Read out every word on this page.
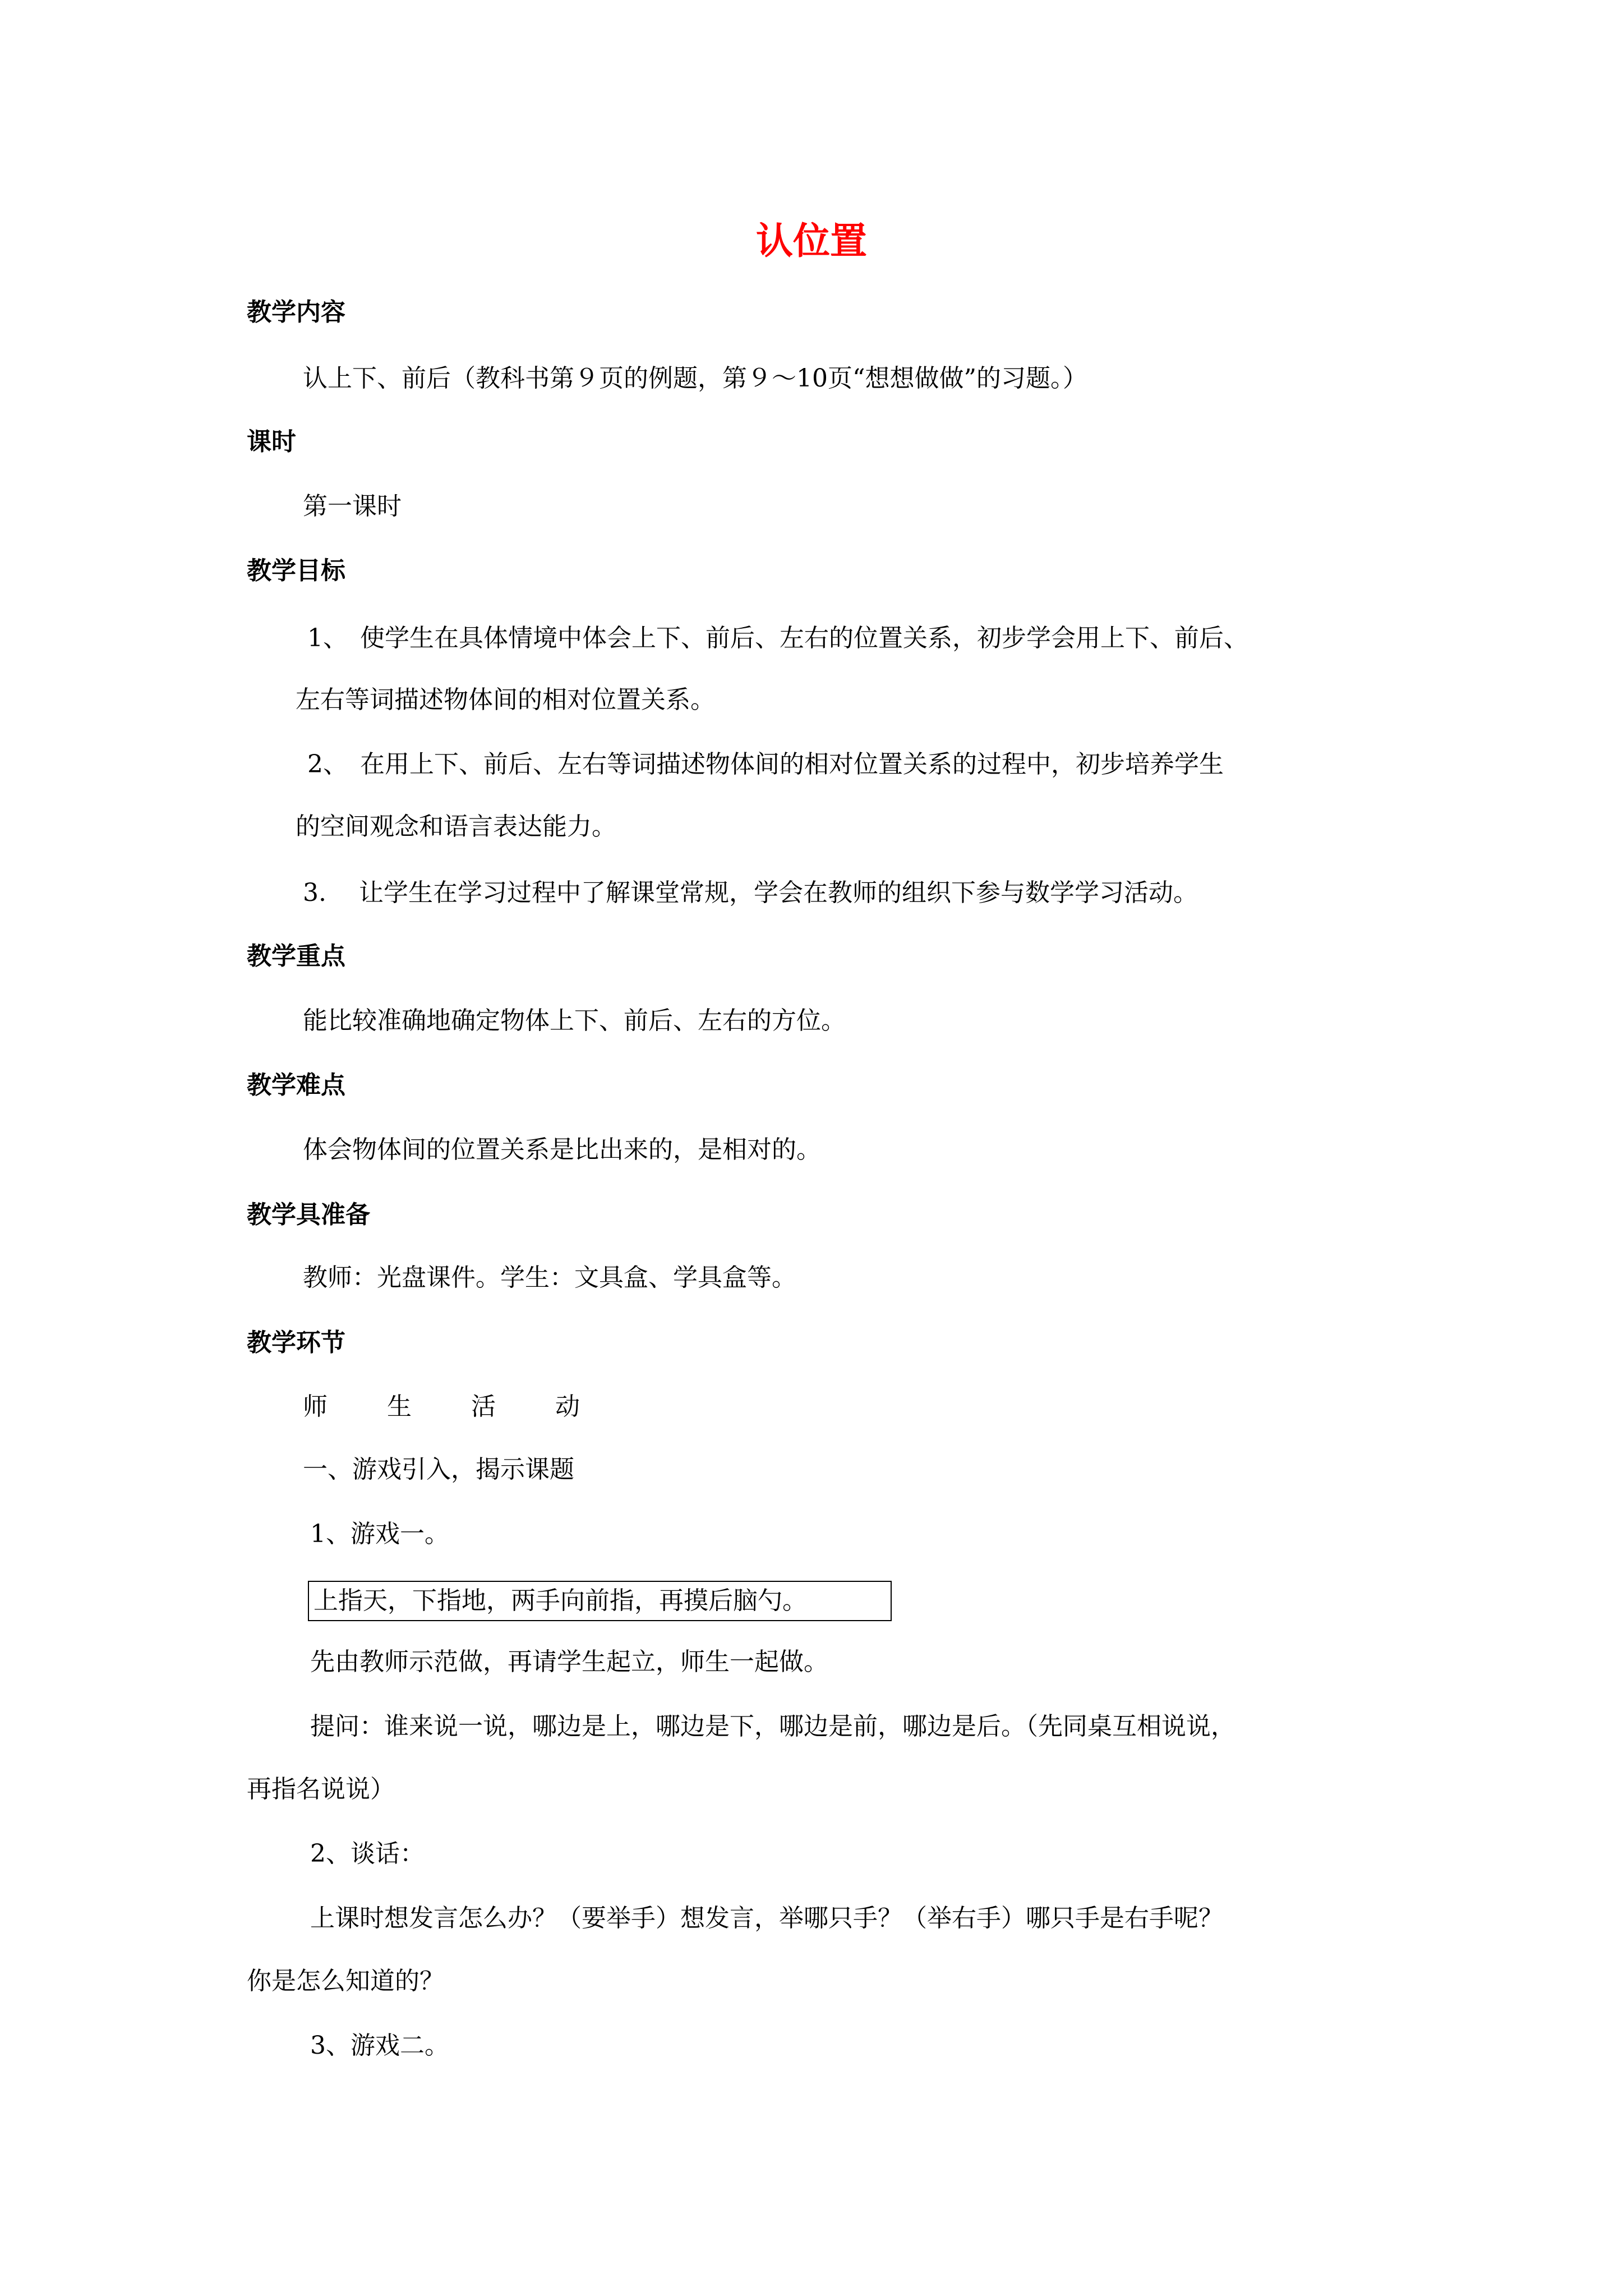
认位置
教学内容
认上下、前后（教科书第９页的例题，第９～10页“想想做做”的习题。）
课时
第一课时
教学目标
1、　使学生在具体情境中体会上下、前后、左右的位置关系，初步学会用上下、前后、
左右等词描述物体间的相对位置关系。
2、　在用上下、前后、左右等词描述物体间的相对位置关系的过程中，初步培养学生
的空间观念和语言表达能力。
3.　 让学生在学习过程中了解课堂常规，学会在教师的组织下参与数学学习活动。
教学重点
能比较准确地确定物体上下、前后、左右的方位。
教学难点
体会物体间的位置关系是比出来的，是相对的。
教学具准备
教师：光盘课件。学生：文具盒、学具盒等。
教学环节
师 生 活 动
一、游戏引入，揭示课题
1、游戏一。
上指天，下指地，两手向前指，再摸后脑勺。
先由教师示范做，再请学生起立，师生一起做。
提问：谁来说一说，哪边是上，哪边是下，哪边是前，哪边是后。（先同桌互相说说，
再指名说说）
2、谈话：
上课时想发言怎么办？（要举手）想发言，举哪只手？（举右手）哪只手是右手呢？
你是怎么知道的？
3、游戏二。
